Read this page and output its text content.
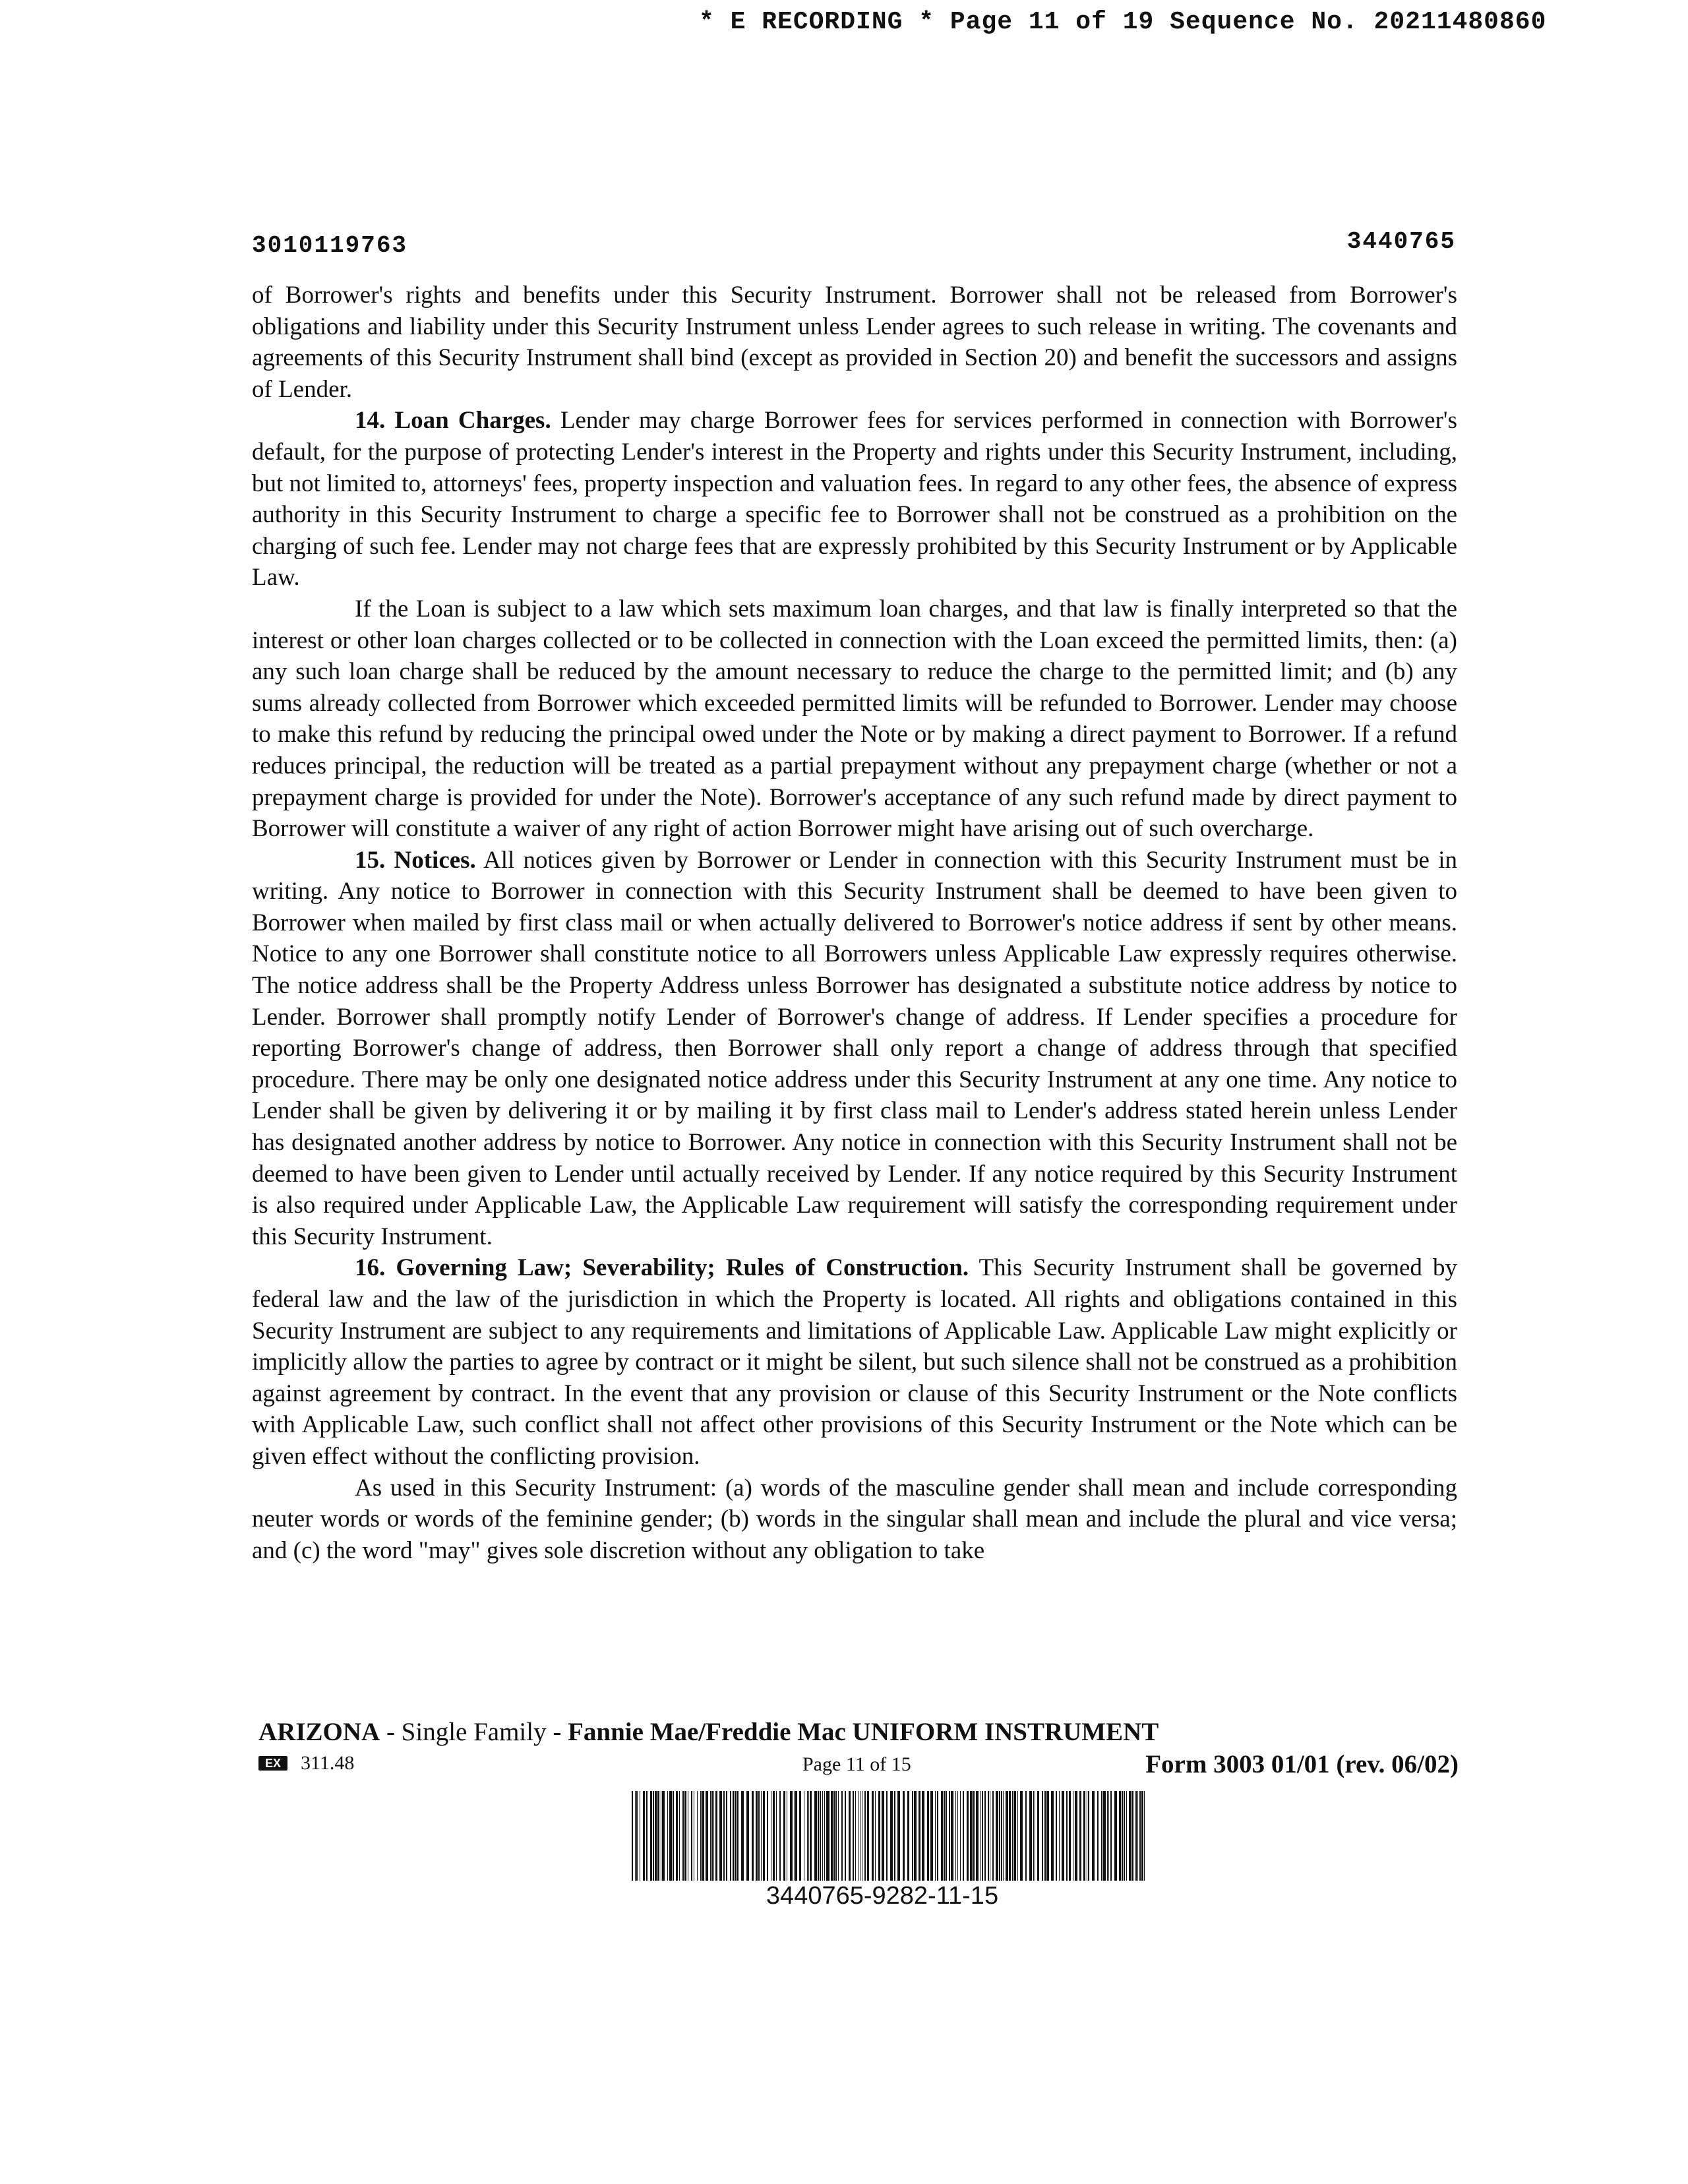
* E RECORDING * Page 11 of 19 Sequence No. 20211480860
3010119763	3440765

of Borrower's rights and benefits under this Security Instrument. Borrower shall not be released from Borrower's obligations and liability under this Security Instrument unless Lender agrees to such release in writing. The covenants and agreements of this Security Instrument shall bind (except as provided in Section 20) and benefit the successors and assigns of Lender.

14. Loan Charges. Lender may charge Borrower fees for services performed in connection with Borrower's default, for the purpose of protecting Lender's interest in the Property and rights under this Security Instrument, including, but not limited to, attorneys' fees, property inspection and valuation fees. In regard to any other fees, the absence of express authority in this Security Instrument to charge a specific fee to Borrower shall not be construed as a prohibition on the charging of such fee. Lender may not charge fees that are expressly prohibited by this Security Instrument or by Applicable Law.

If the Loan is subject to a law which sets maximum loan charges, and that law is finally interpreted so that the interest or other loan charges collected or to be collected in connection with the Loan exceed the permitted limits, then: (a) any such loan charge shall be reduced by the amount necessary to reduce the charge to the permitted limit; and (b) any sums already collected from Borrower which exceeded permitted limits will be refunded to Borrower. Lender may choose to make this refund by reducing the principal owed under the Note or by making a direct payment to Borrower. If a refund reduces principal, the reduction will be treated as a partial prepayment without any prepayment charge (whether or not a prepayment charge is provided for under the Note). Borrower's acceptance of any such refund made by direct payment to Borrower will constitute a waiver of any right of action Borrower might have arising out of such overcharge.

15. Notices. All notices given by Borrower or Lender in connection with this Security Instrument must be in writing. Any notice to Borrower in connection with this Security Instrument shall be deemed to have been given to Borrower when mailed by first class mail or when actually delivered to Borrower's notice address if sent by other means. Notice to any one Borrower shall constitute notice to all Borrowers unless Applicable Law expressly requires otherwise. The notice address shall be the Property Address unless Borrower has designated a substitute notice address by notice to Lender. Borrower shall promptly notify Lender of Borrower's change of address. If Lender specifies a procedure for reporting Borrower's change of address, then Borrower shall only report a change of address through that specified procedure. There may be only one designated notice address under this Security Instrument at any one time. Any notice to Lender shall be given by delivering it or by mailing it by first class mail to Lender's address stated herein unless Lender has designated another address by notice to Borrower. Any notice in connection with this Security Instrument shall not be deemed to have been given to Lender until actually received by Lender. If any notice required by this Security Instrument is also required under Applicable Law, the Applicable Law requirement will satisfy the corresponding requirement under this Security Instrument.

16. Governing Law; Severability; Rules of Construction. This Security Instrument shall be governed by federal law and the law of the jurisdiction in which the Property is located. All rights and obligations contained in this Security Instrument are subject to any requirements and limitations of Applicable Law. Applicable Law might explicitly or implicitly allow the parties to agree by contract or it might be silent, but such silence shall not be construed as a prohibition against agreement by contract. In the event that any provision or clause of this Security Instrument or the Note conflicts with Applicable Law, such conflict shall not affect other provisions of this Security Instrument or the Note which can be given effect without the conflicting provision.

As used in this Security Instrument: (a) words of the masculine gender shall mean and include corresponding neuter words or words of the feminine gender; (b) words in the singular shall mean and include the plural and vice versa; and (c) the word "may" gives sole discretion without any obligation to take

ARIZONA - Single Family - Fannie Mae/Freddie Mac UNIFORM INSTRUMENT
EX	311.48	Page 11 of 15	Form 3003 01/01 (rev. 06/02)
3440765-9282-11-15
